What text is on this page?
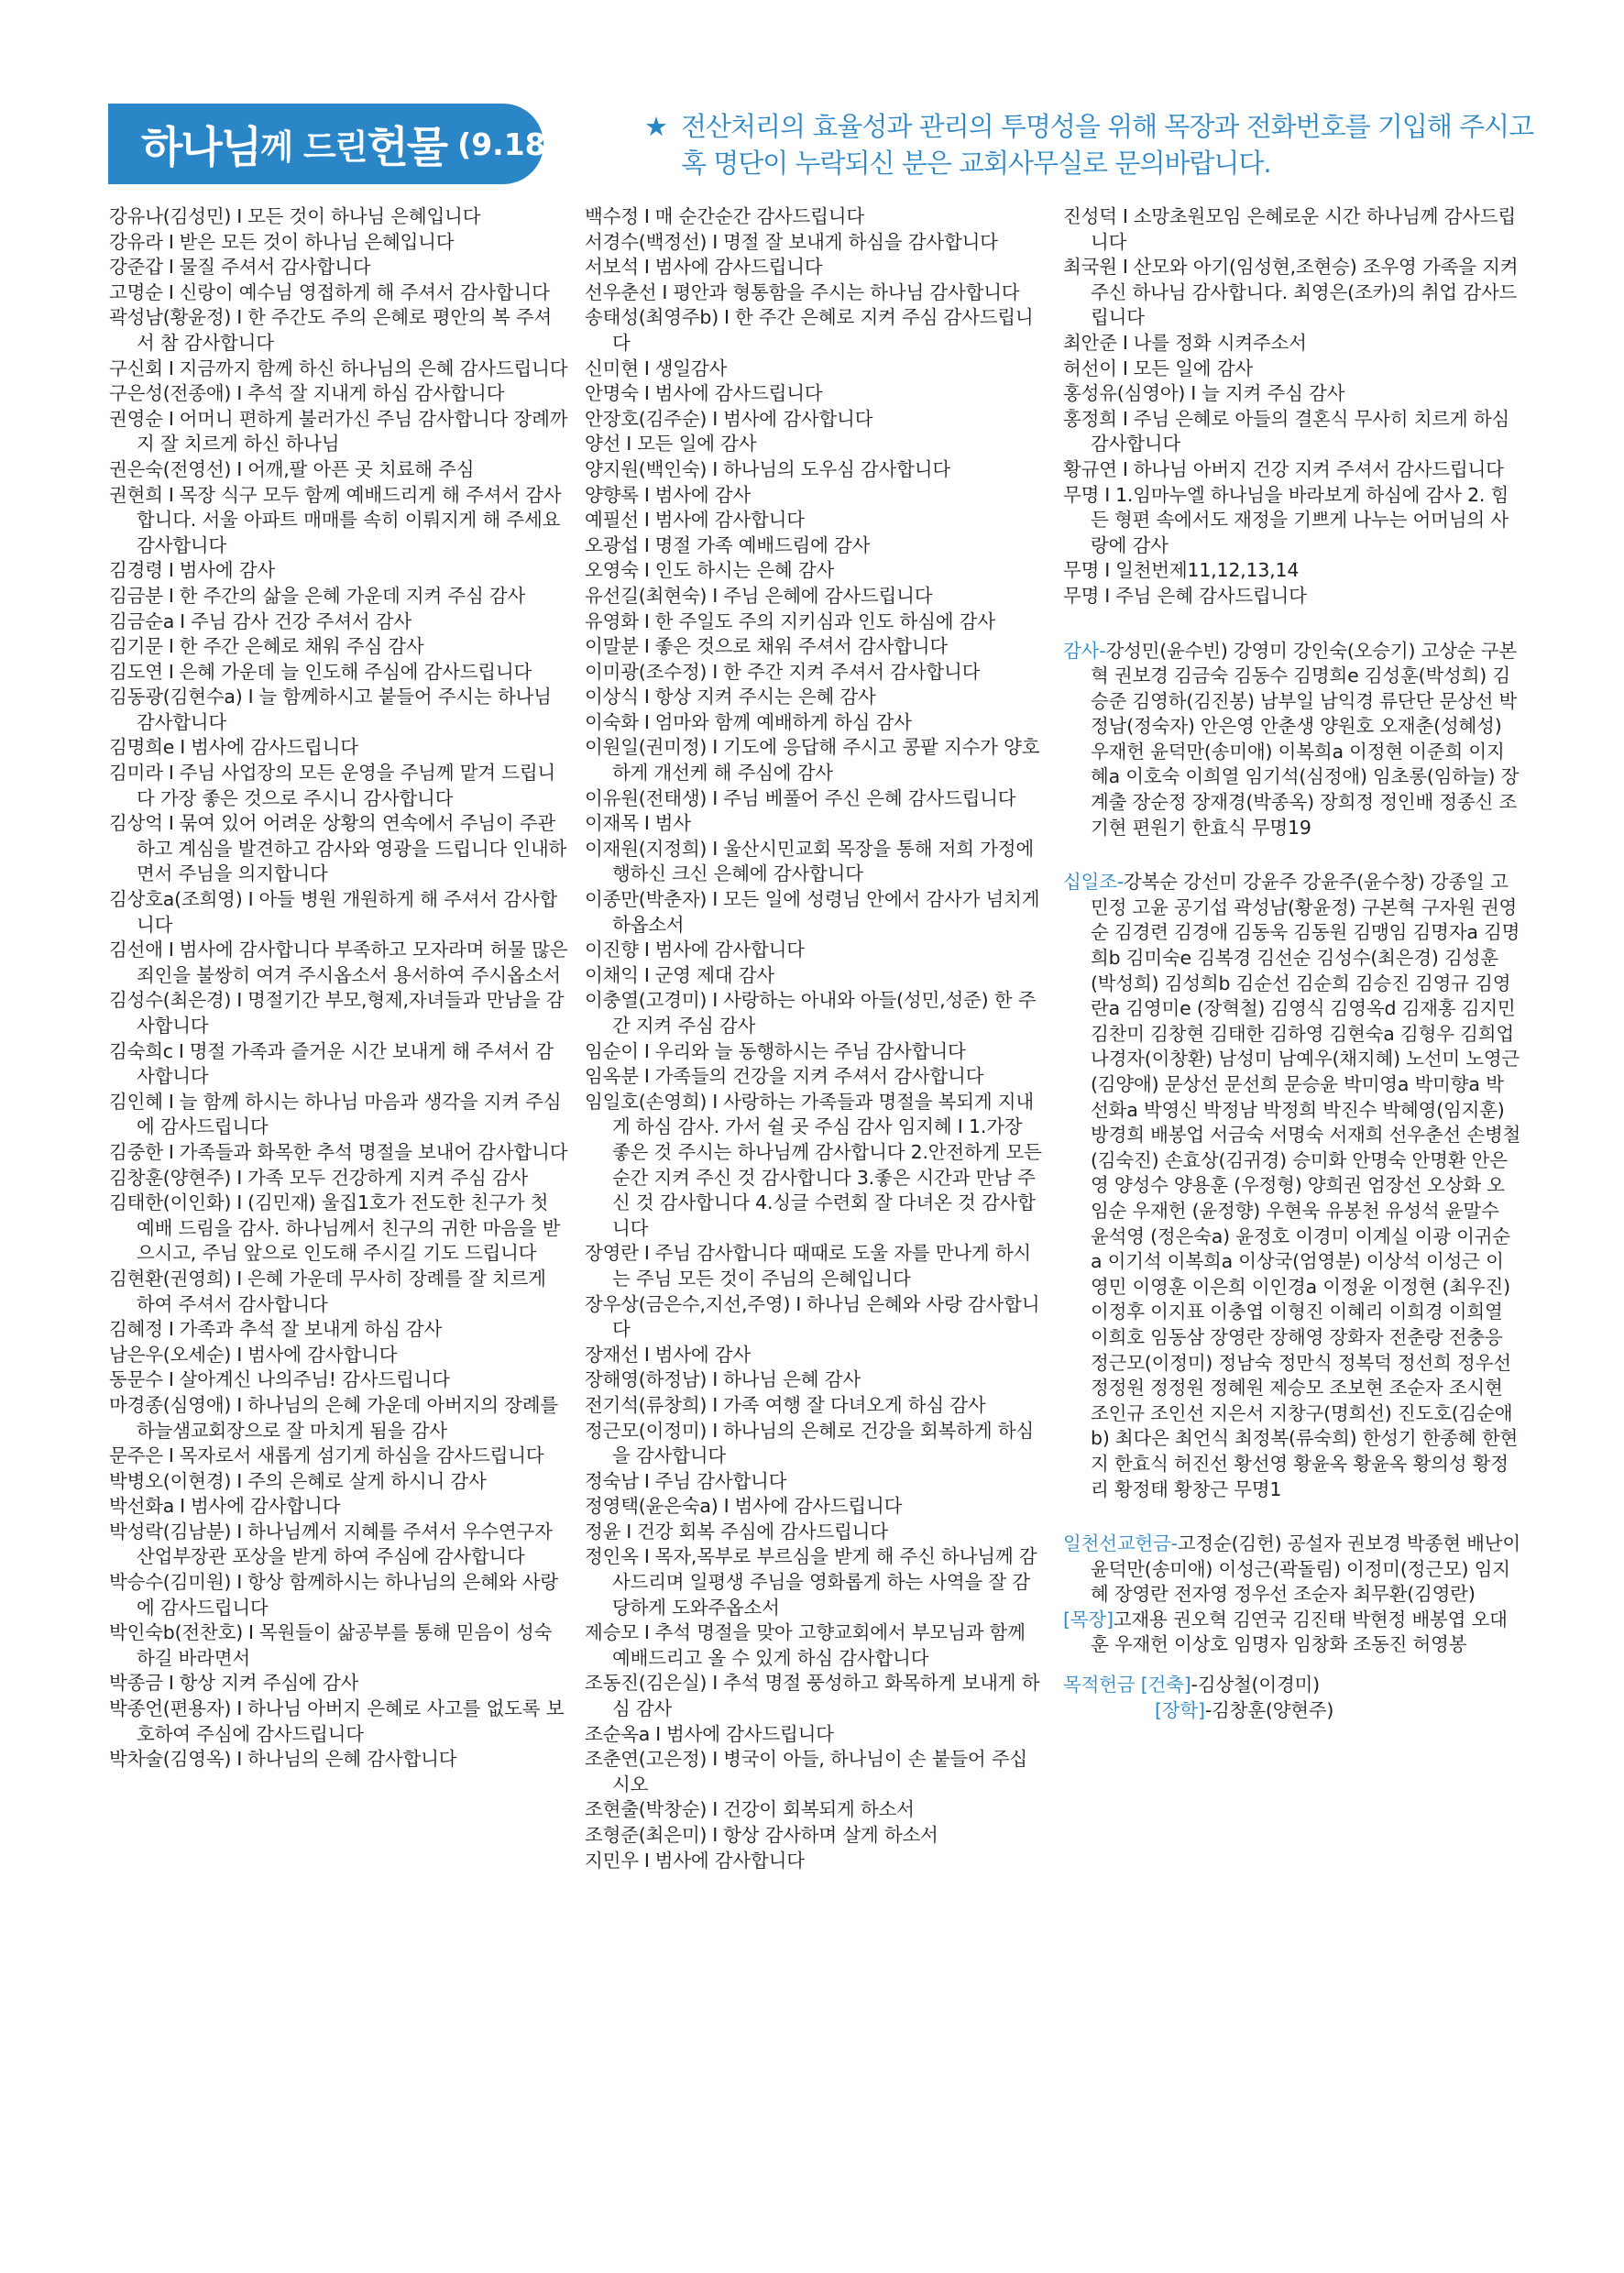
하나님 께 드린 헌물 (9.18)	★ 전산처리의 효율성과 관리의 투명성을 위해 목장과 전화번호를 기입해 주시고
혹 명단이 누락되신 분은 교회사무실로 문의바랍니다.
강유나(김성민) I 모든 것이 하나님 은혜입니다
강유라 I 받은 모든 것이 하나님 은혜입니다
강준갑 I 물질 주셔서 감사합니다
고명순 I 신랑이 예수님 영접하게 해 주셔서 감사합니다
곽성남(황윤정) I 한 주간도 주의 은혜로 평안의 복 주셔서 참 감사합니다
구신회 I 지금까지 함께 하신 하나님의 은혜 감사드립니다
구은성(전종애) I 추석 잘 지내게 하심 감사합니다
권영순 I 어머니 편하게 불러가신 주님 감사합니다 장례까지 잘 치르게 하신 하나님
권은숙(전영선) I 어깨,팔 아픈 곳 치료해 주심
권현희 I 목장 식구 모두 함께 예배드리게 해 주셔서 감사합니다. 서울 아파트 매매를 속히 이뤄지게 해 주세요 감사합니다
김경령 I 범사에 감사
김금분 I 한 주간의 삶을 은혜 가운데 지켜 주심 감사
김금순a I 주님 감사 건강 주셔서 감사
김기문 I 한 주간 은혜로 채워 주심 감사
김도연 I 은혜 가운데 늘 인도해 주심에 감사드립니다
김동광(김현수a) I 늘 함께하시고 붙들어 주시는 하나님 감사합니다
김명희e I 범사에 감사드립니다
김미라 I 주님 사업장의 모든 운영을 주님께 맡겨 드립니다 가장 좋은 것으로 주시니 감사합니다
김상억 I 묶여 있어 어려운 상황의 연속에서 주님이 주관하고 계심을 발견하고 감사와 영광을 드립니다 인내하면서 주님을 의지합니다
김상호a(조희영) I 아들 병원 개원하게 해 주셔서 감사합니다
김선애 I 범사에 감사합니다 부족하고 모자라며 허물 많은 죄인을 불쌍히 여겨 주시옵소서 용서하여 주시옵소서
김성수(최은경) I 명절기간 부모,형제,자녀들과 만남을 감사합니다
김숙희c I 명절 가족과 즐거운 시간 보내게 해 주셔서 감사합니다
김인혜 I 늘 함께 하시는 하나님 마음과 생각을 지켜 주심에 감사드립니다
김중한 I 가족들과 화목한 추석 명절을 보내어 감사합니다
김창훈(양현주) I 가족 모두 건강하게 지켜 주심 감사
김태한(이인화) I (김민재) 울집1호가 전도한 친구가 첫 예배 드림을 감사. 하나님께서 친구의 귀한 마음을 받으시고, 주님 앞으로 인도해 주시길 기도 드립니다
김현환(권영희) I 은혜 가운데 무사히 장례를 잘 치르게 하여 주셔서 감사합니다
김혜정 I 가족과 추석 잘 보내게 하심 감사
남은우(오세순) I 범사에 감사합니다
동문수 I 살아계신 나의주님! 감사드립니다
마경종(심영애) I 하나님의 은혜 가운데 아버지의 장례를 하늘샘교회장으로 잘 마치게 됨을 감사
문주은 I 목자로서 새롭게 섬기게 하심을 감사드립니다
박병오(이현경) I 주의 은혜로 살게 하시니 감사
박선화a I 범사에 감사합니다
박성락(김남분) I 하나님께서 지혜를 주셔서 우수연구자 산업부장관 포상을 받게 하여 주심에 감사합니다
박승수(김미원) I 항상 함께하시는 하나님의 은혜와 사랑에 감사드립니다
박인숙b(전찬호) I 목원들이 삶공부를 통해 믿음이 성숙하길 바라면서
박종금 I 항상 지켜 주심에 감사
박종언(편용자) I 하나님 아버지 은혜로 사고를 없도록 보호하여 주심에 감사드립니다
박차술(김영옥) I 하나님의 은혜 감사합니다
백수정 I 매 순간순간 감사드립니다
서경수(백정선) I 명절 잘 보내게 하심을 감사합니다
서보석 I 범사에 감사드립니다
선우춘선 I 평안과 형통함을 주시는 하나님 감사합니다
송태성(최영주b) I 한 주간 은혜로 지켜 주심 감사드립니다
신미현 I 생일감사
안명숙 I 범사에 감사드립니다
안장호(김주순) I 범사에 감사합니다
양선 I 모든 일에 감사
양지원(백인숙) I 하나님의 도우심 감사합니다
양향록 I 범사에 감사
예필선 I 범사에 감사합니다
오광섭 I 명절 가족 예배드림에 감사
오영숙 I 인도 하시는 은혜 감사
유선길(최현숙) I 주님 은혜에 감사드립니다
유영화 I 한 주일도 주의 지키심과 인도 하심에 감사
이말분 I 좋은 것으로 채워 주셔서 감사합니다
이미광(조수정) I 한 주간 지켜 주셔서 감사합니다
이상식 I 항상 지켜 주시는 은혜 감사
이숙화 I 엄마와 함께 예배하게 하심 감사
이원일(권미정) I 기도에 응답해 주시고 콩팥 지수가 양호하게 개선케 해 주심에 감사
이유원(전태생) I 주님 베풀어 주신 은혜 감사드립니다
이재목 I 범사
이재원(지정희) I 울산시민교회 목장을 통해 저희 가정에 행하신 크신 은혜에 감사합니다
이종만(박춘자) I 모든 일에 성령님 안에서 감사가 넘치게 하옵소서
이진향 I 범사에 감사합니다
이채익 I 군영 제대 감사
이충열(고경미) I 사랑하는 아내와 아들(성민,성준) 한 주간 지켜 주심 감사
임순이 I 우리와 늘 동행하시는 주님 감사합니다
임옥분 I 가족들의 건강을 지켜 주셔서 감사합니다
임일호(손영희) I 사랑하는 가족들과 명절을 복되게 지내게 하심 감사. 가서 쉴 곳 주심 감사 임지혜 I 1.가장 좋은 것 주시는 하나님께 감사합니다 2.안전하게 모든 순간 지켜 주신 것 감사합니다 3.좋은 시간과 만남 주신 것 감사합니다 4.싱글 수련회 잘 다녀온 것 감사합니다
장영란 I 주님 감사합니다 때때로 도울 자를 만나게 하시는 주님 모든 것이 주님의 은혜입니다
장우상(금은수,지선,주영) I 하나님 은혜와 사랑 감사합니다
장재선 I 범사에 감사
장해영(하정남) I 하나님 은혜 감사
전기석(류창희) I 가족 여행 잘 다녀오게 하심 감사
정근모(이정미) I 하나님의 은혜로 건강을 회복하게 하심을 감사합니다
정숙남 I 주님 감사합니다
정영택(윤은숙a) I 범사에 감사드립니다
정윤 I 건강 회복 주심에 감사드립니다
정인옥 I 목자,목부로 부르심을 받게 해 주신 하나님께 감사드리며 일평생 주님을 영화롭게 하는 사역을 잘 감당하게 도와주옵소서
제승모 I 추석 명절을 맞아 고향교회에서 부모님과 함께 예배드리고 올 수 있게 하심 감사합니다
조동진(김은실) I 추석 명절 풍성하고 화목하게 보내게 하심 감사
조순옥a I 범사에 감사드립니다
조춘연(고은정) I 병국이 아들, 하나님이 손 붙들어 주십시오
조현출(박창순) I 건강이 회복되게 하소서
조형준(최은미) I 항상 감사하며 살게 하소서
지민우 I 범사에 감사합니다
진성덕 I 소망초원모임 은혜로운 시간 하나님께 감사드립니다
최국원 I 산모와 아기(임성현,조현승) 조우영 가족을 지켜 주신 하나님 감사합니다. 최영은(조카)의 취업 감사드립니다
최안준 I 나를 정화 시켜주소서
허선이 I 모든 일에 감사
홍성유(심영아) I 늘 지켜 주심 감사
홍정희 I 주님 은혜로 아들의 결혼식 무사히 치르게 하심 감사합니다
황규연 I 하나님 아버지 건강 지켜 주셔서 감사드립니다
무명 I 1.임마누엘 하나님을 바라보게 하심에 감사 2. 힘든 형편 속에서도 재정을 기쁘게 나누는 어머님의 사랑에 감사
무명 I 일천번제11,12,13,14
무명 I 주님 은혜 감사드립니다
감사-강성민(윤수빈) 강영미 강인숙(오승기) 고상순 구본혁 권보경 김금숙 김동수 김명희e 김성훈(박성희) 김승준 김영하(김진봉) 남부일 남익경 류단단 문상선 박정남(정숙자) 안은영 안춘생 양원호 오재춘(성혜성) 우재헌 윤덕만(송미애) 이복희a 이정현 이준희 이지혜a 이호숙 이희열 임기석(심정애) 임초롱(임하늘) 장계출 장순정 장재경(박종옥) 장희정 정인배 정종신 조기현 편원기 한효식 무명19
십일조-강복순 강선미 강윤주 강윤주(윤수창) 강종일 고민정 고윤 공기섭 곽성남(황윤정) 구본혁 구자원 권영순 김경련 김경애 김동욱 김동원 김맹임 김명자a 김명희b 김미숙e 김복경 김선순 김성수(최은경) 김성훈(박성희) 김성희b 김순선 김순희 김승진 김영규 김영란a 김영미e (장혁철) 김영식 김영옥d 김재홍 김지민 김찬미 김창현 김태한 김하영 김현숙a 김형우 김희업 나경자(이창환) 남성미 남예우(채지혜) 노선미 노영근(김양애) 문상선 문선희 문승윤 박미영a 박미향a 박선화a 박영신 박정남 박정희 박진수 박혜영(임지훈) 방경희 배봉업 서금숙 서명숙 서재희 선우춘선 손병철(김숙진) 손효상(김귀경) 승미화 안명숙 안명환 안은영 양성수 양용훈 (우정형) 양희권 엄장선 오상화 오임순 우재헌 (윤정향) 우현욱 유봉천 유성석 윤말수 윤석영 (정은숙a) 윤정호 이경미 이계실 이광 이귀순a 이기석 이복희a 이상국(엄영분) 이상석 이성근 이영민 이영훈 이은희 이인경a 이정윤 이정현 (최우진) 이정후 이지표 이충엽 이형진 이혜리 이희경 이희열 이희호 임동삼 장영란 장해영 장화자 전춘랑 전충응 정근모(이정미) 정남숙 정만식 정복덕 정선희 정우선 정정원 정정원 정혜원 제승모 조보현 조순자 조시현 조인규 조인선 지은서 지창구(명희선) 진도호(김순애b) 최다은 최언식 최정복(류숙희) 한성기 한종혜 한현지 한효식 허진선 황선영 황윤옥 황윤옥 황의성 황정리 황정태 황창근 무명1
일천선교헌금-고정순(김헌) 공설자 권보경 박종현 배난이 윤덕만(송미애) 이성근(곽돌림) 이정미(정근모) 임지혜 장영란 전자영 정우선 조순자 최무환(김영란)
[목장]고재용 권오혁 김연국 김진태 박현정 배봉엽 오대훈 우재헌 이상호 임명자 임창화 조동진 허영봉
목적헌금 [건축]-김상철(이경미)
[장학]-김창훈(양현주)
